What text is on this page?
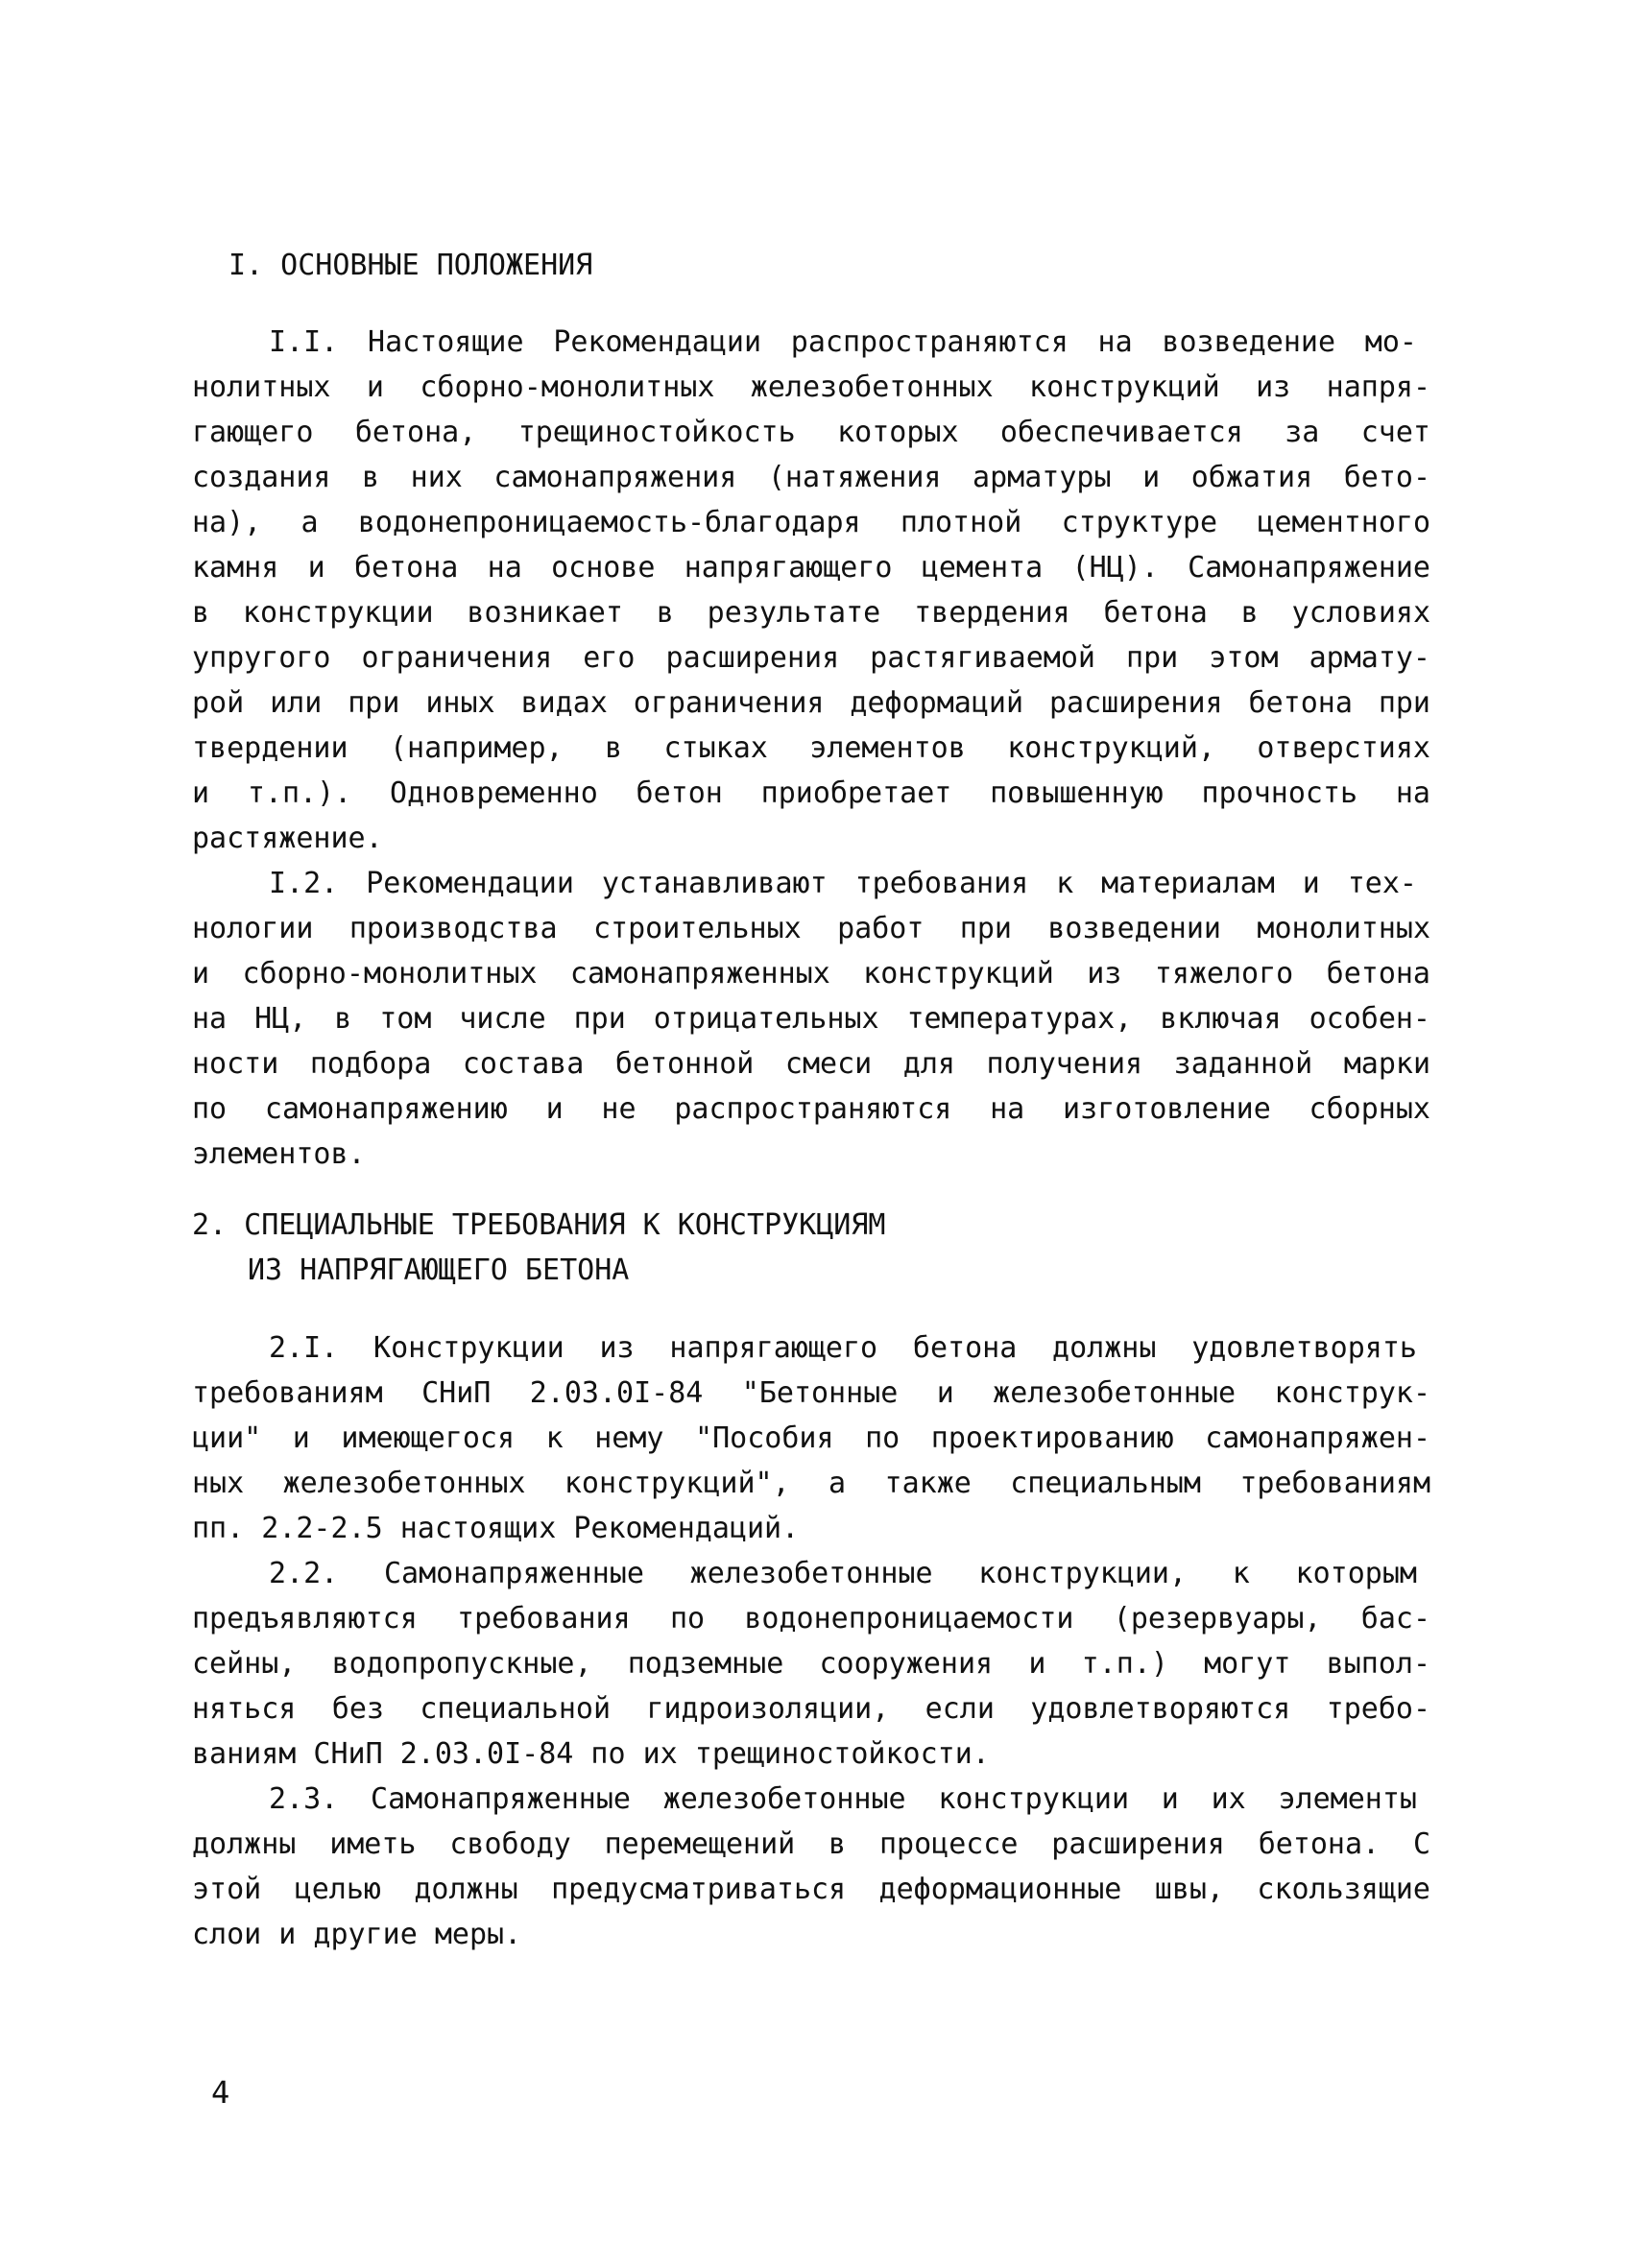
I. ОСНОВНЫЕ ПОЛОЖЕНИЯ

I.I. Настоящие Рекомендации распространяются на возведение мо-

нолитных и сборно-монолитных железобетонных конструкций из напря-

гающего бетона, трещиностойкость которых обеспечивается за счет

создания в них самонапряжения (натяжения арматуры и обжатия бето-

на), а водонепроницаемость-благодаря плотной структуре цементного

камня и бетона на основе напрягающего цемента (НЦ). Самонапряжение

в конструкции возникает в результате твердения бетона в условиях

упругого ограничения его расширения растягиваемой при этом армату-

рой или при иных видах ограничения деформаций расширения бетона при

твердении (например, в стыках элементов конструкций, отверстиях

и т.п.). Одновременно бетон приобретает повышенную прочность на

растяжение.

I.2. Рекомендации устанавливают требования к материалам и тех-

нологии производства строительных работ при возведении монолитных

и сборно-монолитных самонапряженных конструкций из тяжелого бетона

на НЦ, в том числе при отрицательных температурах, включая особен-

ности подбора состава бетонной смеси для получения заданной марки

по самонапряжению и не распространяются на изготовление сборных

элементов.

2. СПЕЦИАЛЬНЫЕ ТРЕБОВАНИЯ К КОНСТРУКЦИЯМ
ИЗ НАПРЯГАЮЩЕГО БЕТОНА

2.I. Конструкции из напрягающего бетона должны удовлетворять

требованиям СНиП 2.03.0I-84 "Бетонные и железобетонные конструк-

ции" и имеющегося к нему "Пособия по проектированию самонапряжен-

ных железобетонных конструкций", а также специальным требованиям

пп. 2.2-2.5 настоящих Рекомендаций.

2.2. Самонапряженные железобетонные конструкции, к которым

предъявляются требования по водонепроницаемости (резервуары, бас-

сейны, водопропускные, подземные сооружения и т.п.) могут выпол-

няться без специальной гидроизоляции, если удовлетворяются требо-

ваниям СНиП 2.03.0I-84 по их трещиностойкости.

2.3. Самонапряженные железобетонные конструкции и их элементы

должны иметь свободу перемещений в процессе расширения бетона. С

этой целью должны предусматриваться деформационные швы, скользящие

слои и другие меры.

4
